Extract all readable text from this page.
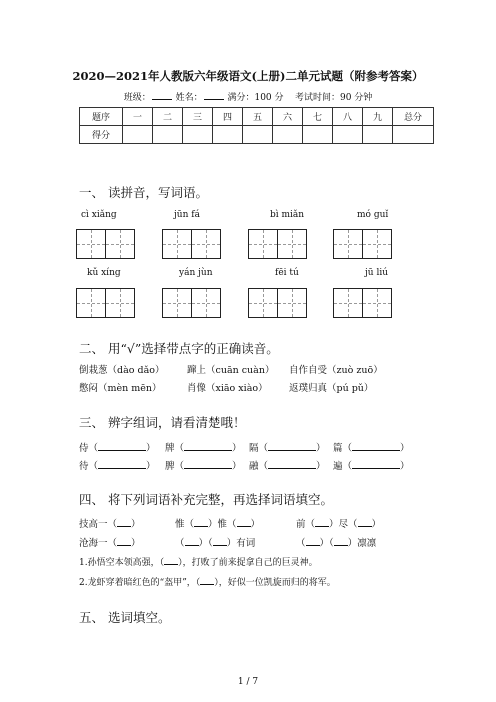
2020—2021年人教版六年级语文(上册)二单元试题（附参考答案）
班级：	姓名：	满分：100 分 考试时间：90 分钟
题序	一	二	三	四	五	六	七	八	九	总分
得分										
一、 读拼音，写词语。
cì xiǎng	jūn fá	bì miǎn	mó guǐ
kǔ xíng	yán jùn	fēi tú	jū liú
二、 用“√”选择带点字的正确读音。
倒栽葱（dào dǎo） 蹿上（cuān cuàn） 自作自受（zuò zuō）
憋闷（mèn mēn）	肖像（xiāo xiào） 返璞归真（pú pǔ）
三、 辨字组词，请看清楚哦！
侍（	） 牌（	） 隔（	） 篇（	）
待（	） 脾（	） 融（	） 遍（	）
四、 将下列词语补充完整，再选择词语填空。
技高一（ ）	惟（ ）惟（ ）	前（ ）尽（ ）
沧海一（ ）	（ ）（ ）有词	（ ）（ ）凛凛
1.孙悟空本领高强，（ ），打败了前来捉拿自己的巨灵神。
2.龙虾穿着暗红色的“盔甲”，（ ），好似一位凯旋而归的将军。
五、 选词填空。
1 / 7
